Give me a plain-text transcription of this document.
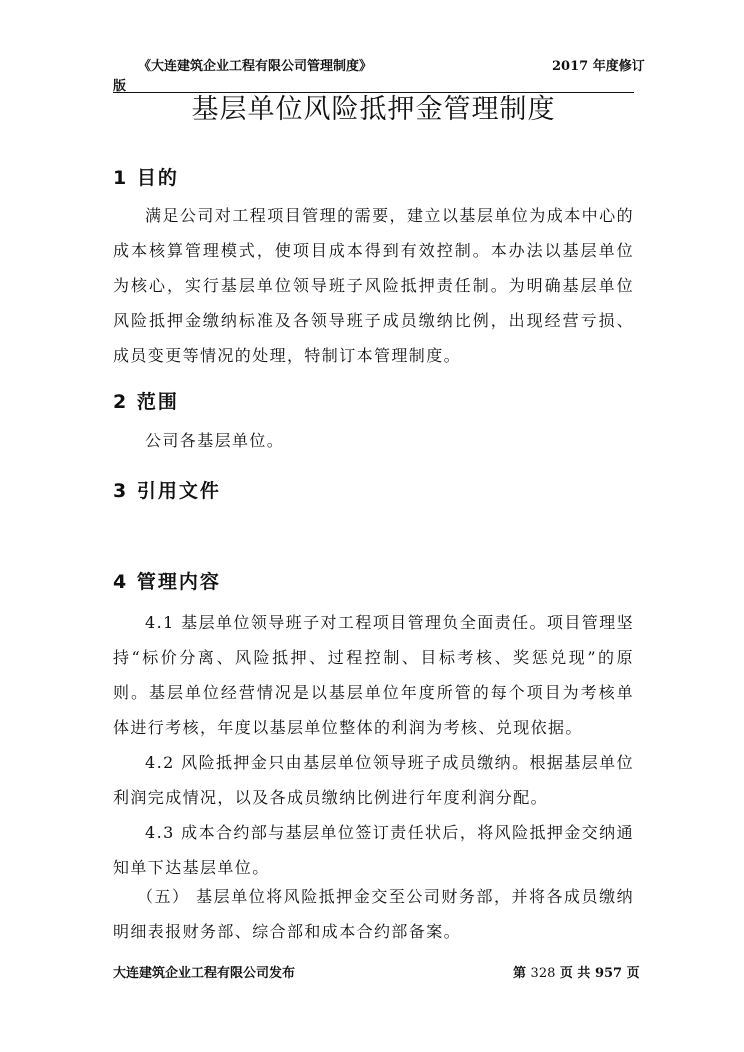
《大连建筑企业工程有限公司管理制度》	2017 年度修订
版
基层单位风险抵押金管理制度
1 目的

满足公司对工程项目管理的需要，建立以基层单位为成本中心的成本核算管理模式，使项目成本得到有效控制。本办法以基层单位为核心，实行基层单位领导班子风险抵押责任制。为明确基层单位风险抵押金缴纳标准及各领导班子成员缴纳比例，出现经营亏损、成员变更等情况的处理，特制订本管理制度。

2 范围

公司各基层单位。

3 引用文件
4 管理内容

4.1 基层单位领导班子对工程项目管理负全面责任。项目管理坚持“标价分离、风险抵押、过程控制、目标考核、奖惩兑现”的原则。基层单位经营情况是以基层单位年度所管的每个项目为考核单体进行考核，年度以基层单位整体的利润为考核、兑现依据。

4.2 风险抵押金只由基层单位领导班子成员缴纳。根据基层单位利润完成情况，以及各成员缴纳比例进行年度利润分配。

4.3 成本合约部与基层单位签订责任状后，将风险抵押金交纳通知单下达基层单位。

（五） 基层单位将风险抵押金交至公司财务部，并将各成员缴纳明细表报财务部、综合部和成本合约部备案。

大连建筑企业工程有限公司发布	第 328 页 共 957 页
